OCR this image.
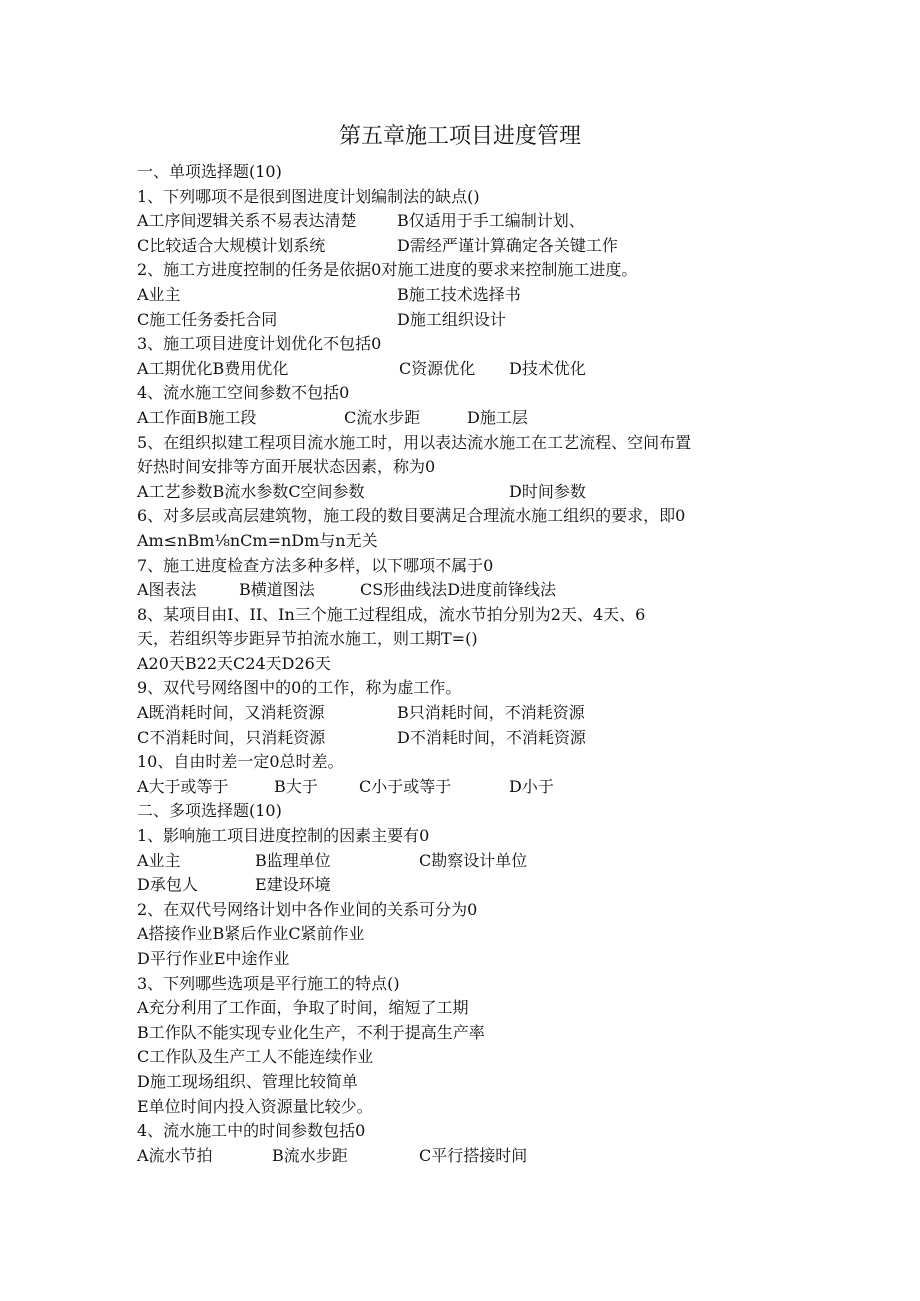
第五章施工项目进度管理
一、单项选择题(10)
1、下列哪项不是很到图进度计划编制法的缺点()
A工序间逻辑关系不易表达清楚	B仅适用于手工编制计划、
C比较适合大规模计划系统	D需经严谨计算确定各关键工作
2、施工方进度控制的任务是依据0对施工进度的要求来控制施工进度。
A业主	B施工技术选择书
C施工任务委托合同	D施工组织设计
3、施工项目进度计划优化不包括0
A工期优化B费用优化	C资源优化 D技术优化
4、流水施工空间参数不包括0
A工作面B施工段	C流水步距	D施工层
5、在组织拟建工程项目流水施工时，用以表达流水施工在工艺流程、空间布置
好热时间安排等方面开展状态因素，称为0
A工艺参数B流水参数C空间参数	D时间参数
6、对多层或高层建筑物，施工段的数目要满足合理流水施工组织的要求，即0
Am≤nBm⅛nCm=nDm与n无关
7、施工进度检查方法多种多样，以下哪项不属于0
A图表法	B横道图法	CS形曲线法D进度前锋线法
8、某项目由I、II、In三个施工过程组成，流水节拍分别为2天、4天、6
天，若组织等步距异节拍流水施工，则工期T=()
A20天B22天C24天D26天
9、双代号网络图中的0的工作，称为虚工作。
A既消耗时间，又消耗资源	B只消耗时间，不消耗资源
C不消耗时间，只消耗资源	D不消耗时间，不消耗资源
10、自由时差一定0总时差。
A大于或等于	B大于	C小于或等于	D小于
二、多项选择题(10)
1、影响施工项目进度控制的因素主要有0
A业主	B监理单位	C勘察设计单位
D承包人	E建设环境
2、在双代号网络计划中各作业间的关系可分为0
A搭接作业B紧后作业C紧前作业
D平行作业E中途作业
3、下列哪些选项是平行施工的特点()
A充分利用了工作面，争取了时间，缩短了工期
B工作队不能实现专业化生产，不利于提高生产率
C工作队及生产工人不能连续作业
D施工现场组织、管理比较简单
E单位时间内投入资源量比较少。
4、流水施工中的时间参数包括0
A流水节拍	B流水步距	C平行搭接时间
